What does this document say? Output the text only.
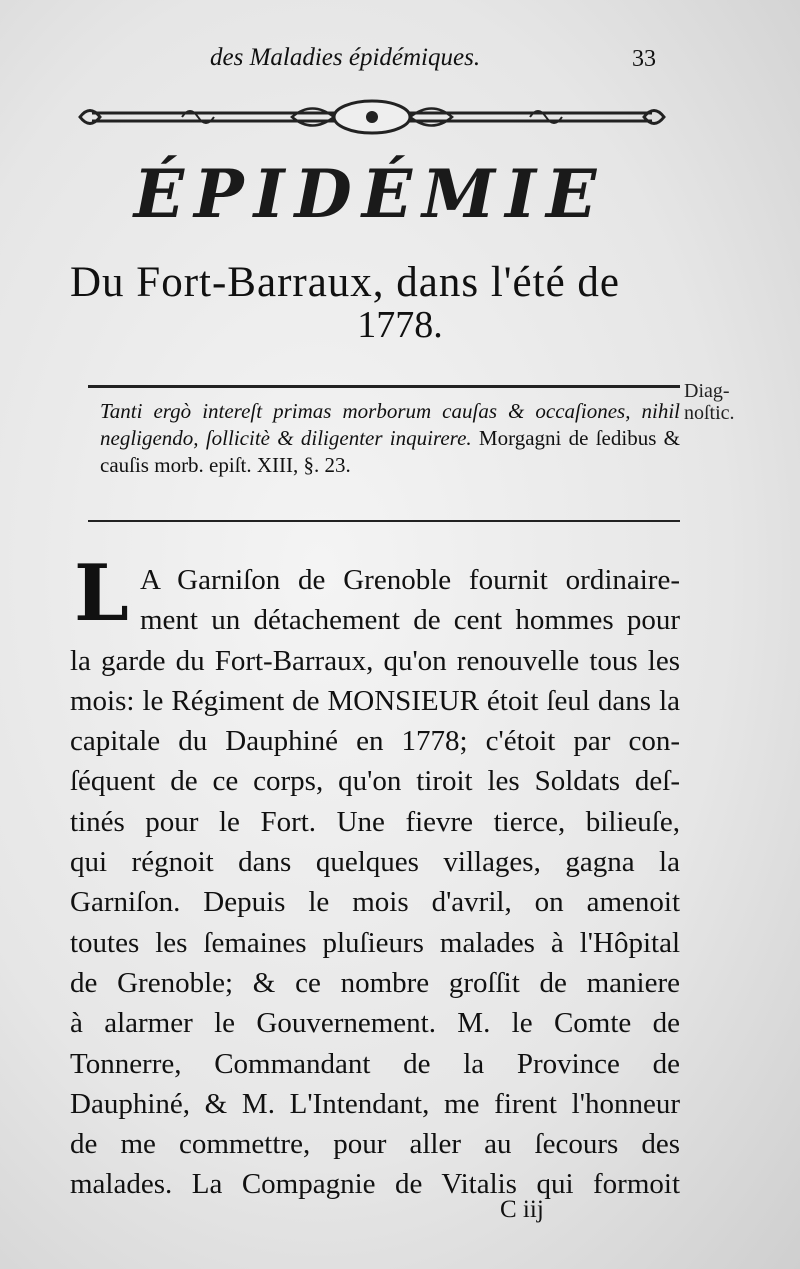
des Maladies épidémiques.	33
ÉPIDÉMIE
Du Fort-Barraux, dans l'été de
1778.
Tanti ergò intereſt primas morborum cauſas & occaſiones, nihil negligendo, ſollicitè & diligenter inquirere. Morgagni de ſedibus & cauſis morb. epiſt. XIII, §. 23.
Diag-
noſtic.
L A Garniſon de Grenoble fournit ordinaire-
ment un détachement de cent hommes pour
la garde du Fort-Barraux, qu'on renouvelle tous les
mois: le Régiment de MONSIEUR étoit ſeul dans la
capitale du Dauphiné en 1778; c'étoit par con-
ſéquent de ce corps, qu'on tiroit les Soldats deſ-
tinés pour le Fort. Une fievre tierce, bilieuſe,
qui régnoit dans quelques villages, gagna la
Garniſon. Depuis le mois d'avril, on amenoit
toutes les ſemaines pluſieurs malades à l'Hôpital
de Grenoble; & ce nombre groſſit de maniere
à alarmer le Gouvernement. M. le Comte de
Tonnerre, Commandant de la Province de
Dauphiné, & M. L'Intendant, me firent l'honneur
de me commettre, pour aller au ſecours des
malades. La Compagnie de Vitalis qui formoit
C iij
